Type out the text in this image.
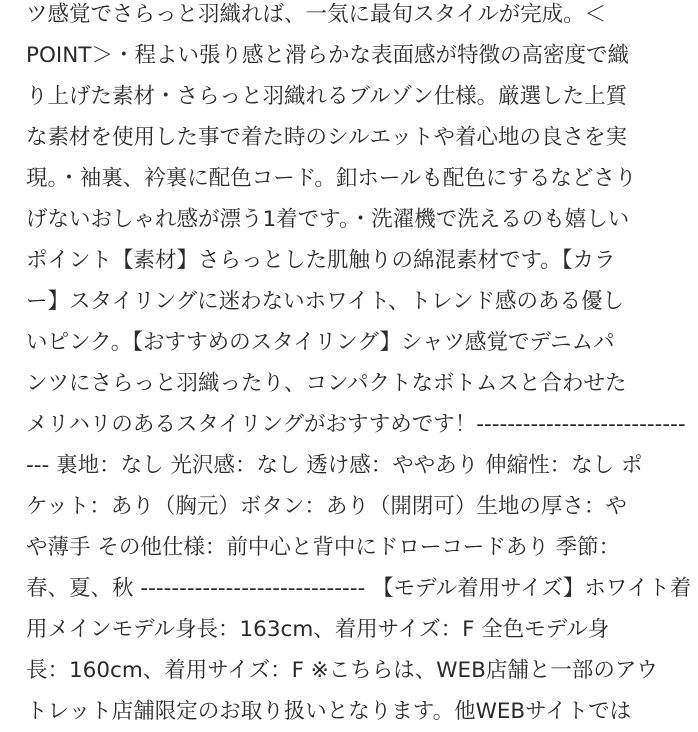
ツ感覚でさらっと羽織れば、一気に最旬スタイルが完成。＜
POINT＞・程よい張り感と滑らかな表面感が特徴の高密度で織
り上げた素材・さらっと羽織れるブルゾン仕様。厳選した上質
な素材を使用した事で着た時のシルエットや着心地の良さを実
現。・袖裏、衿裏に配色コード。釦ホールも配色にするなどさり
げないおしゃれ感が漂う1着です。・洗濯機で洗えるのも嬉しい
ポイント【素材】さらっとした肌触りの綿混素材です。【カラ
ー】スタイリングに迷わないホワイト、トレンド感のある優し
いピンク。【おすすめのスタイリング】シャツ感覚でデニムパ
ンツにさらっと羽織ったり、コンパクトなボトムスと合わせた
メリハリのあるスタイリングがおすすめです！---------------------------
--- 裏地：なし 光沢感：なし 透け感：ややあり 伸縮性：なし ポ
ケット：あり（胸元）ボタン：あり（開閉可）生地の厚さ：や
や薄手 その他仕様：前中心と背中にドローコードあり 季節：
春、夏、秋 ----------------------------- 【モデル着用サイズ】ホワイト着
用メインモデル身長：163cm、着用サイズ：F 全色モデル身
長：160cm、着用サイズ：F ※こちらは、WEB店舗と一部のアウ
トレット店舗限定のお取り扱いとなります。他WEBサイトでは
